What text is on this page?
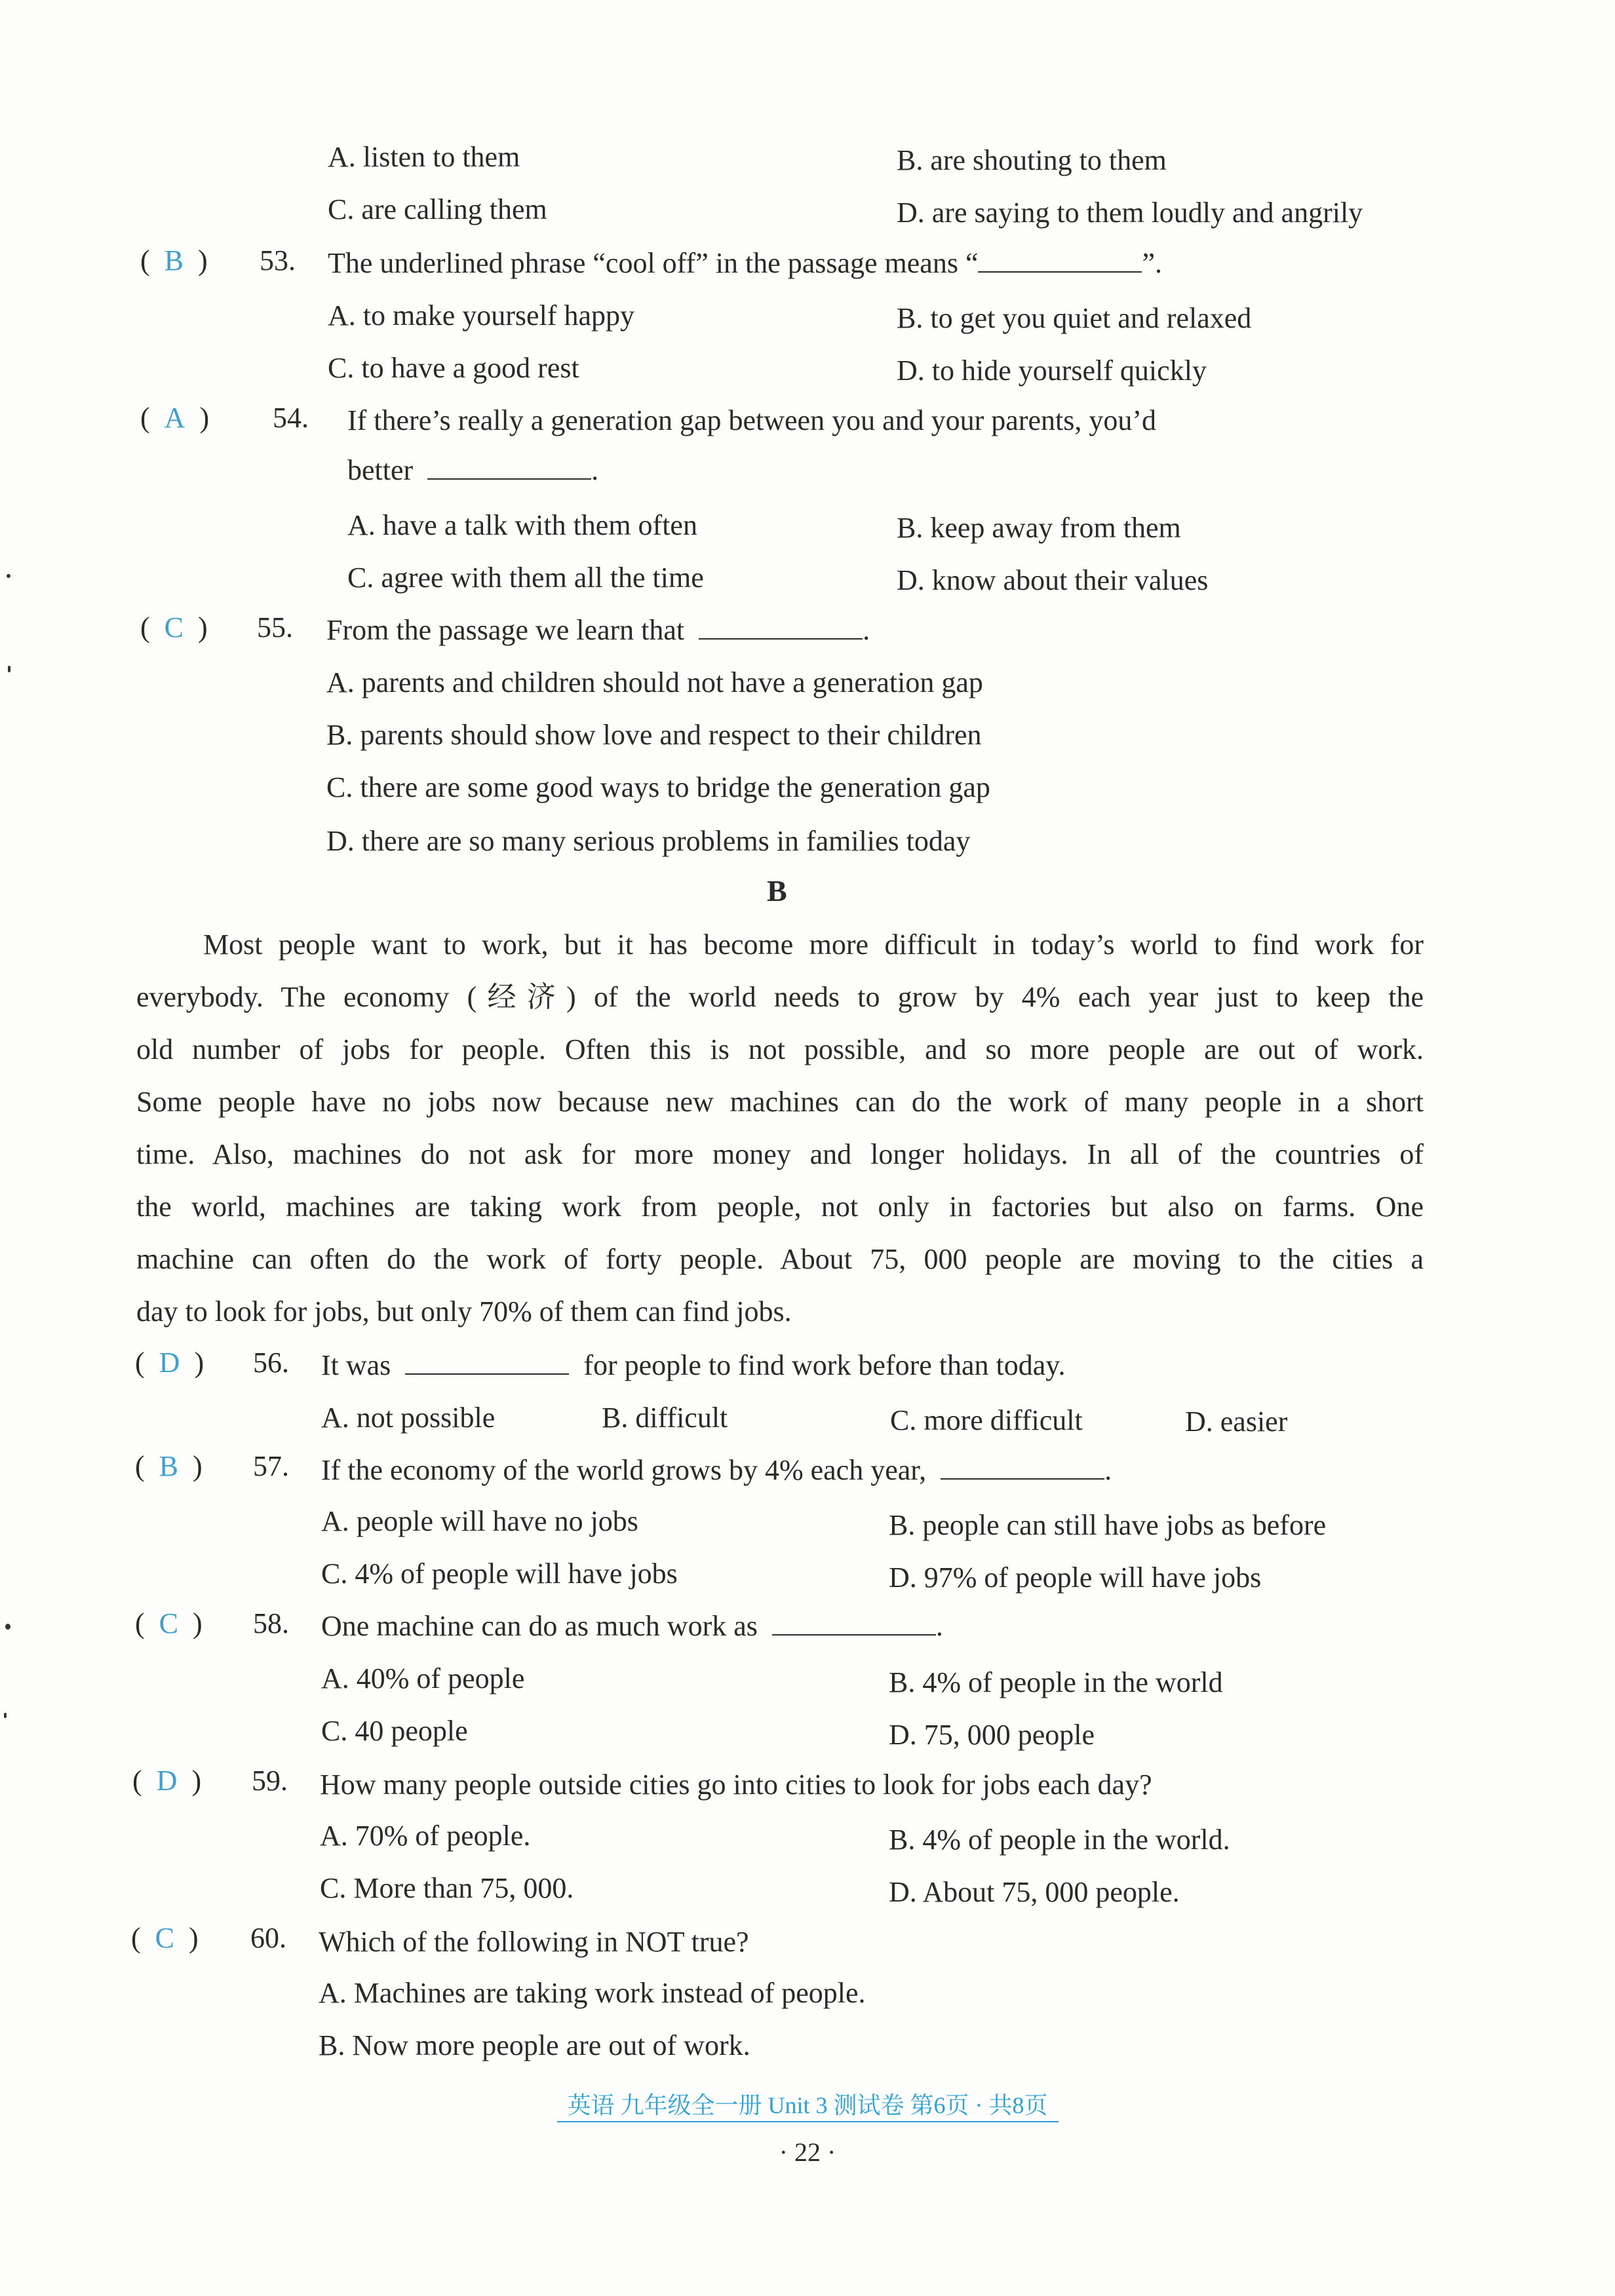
A. listen to them	B. are shouting to them
C. are calling them	D. are saying to them loudly and angrily
(  B  ) 53. The underlined phrase “cool off” in the passage means “	”.
A. to make yourself happy	B. to get you quiet and relaxed
C. to have a good rest	D. to hide yourself quickly
(  A  ) 54. If there’s really a generation gap between you and your parents, you’d
better	.
A. have a talk with them often	B. keep away from them
C. agree with them all the time	D. know about their values
(  C  ) 55. From the passage we learn that	.
A. parents and children should not have a generation gap
B. parents should show love and respect to their children
C. there are some good ways to bridge the generation gap
D. there are so many serious problems in families today
B
Most people want to work, but it has become more difficult in today’s world to find work for
everybody. The economy (经济) of the world needs to grow by 4% each year just to keep the
old number of jobs for people. Often this is not possible, and so more people are out of work.
Some people have no jobs now because new machines can do the work of many people in a short
time. Also, machines do not ask for more money and longer holidays. In all of the countries of
the world, machines are taking work from people, not only in factories but also on farms. One
machine can often do the work of forty people. About 75, 000 people are moving to the cities a
day to look for jobs, but only 70% of them can find jobs.
(  D  ) 56. It was	for people to find work before than today.
A. not possible	B. difficult	C. more difficult	D. easier
(  B  ) 57. If the economy of the world grows by 4% each year,	.
A. people will have no jobs	B. people can still have jobs as before
C. 4% of people will have jobs	D. 97% of people will have jobs
(  C  ) 58. One machine can do as much work as	.
A. 40% of people	B. 4% of people in the world
C. 40 people	D. 75, 000 people
(  D  ) 59. How many people outside cities go into cities to look for jobs each day?
A. 70% of people.	B. 4% of people in the world.
C. More than 75, 000.	D. About 75, 000 people.
(  C  ) 60. Which of the following in NOT true?
A. Machines are taking work instead of people.
B. Now more people are out of work.
英语 九年级全一册 Unit 3 测试卷 第6页 · 共8页
· 22 ·
